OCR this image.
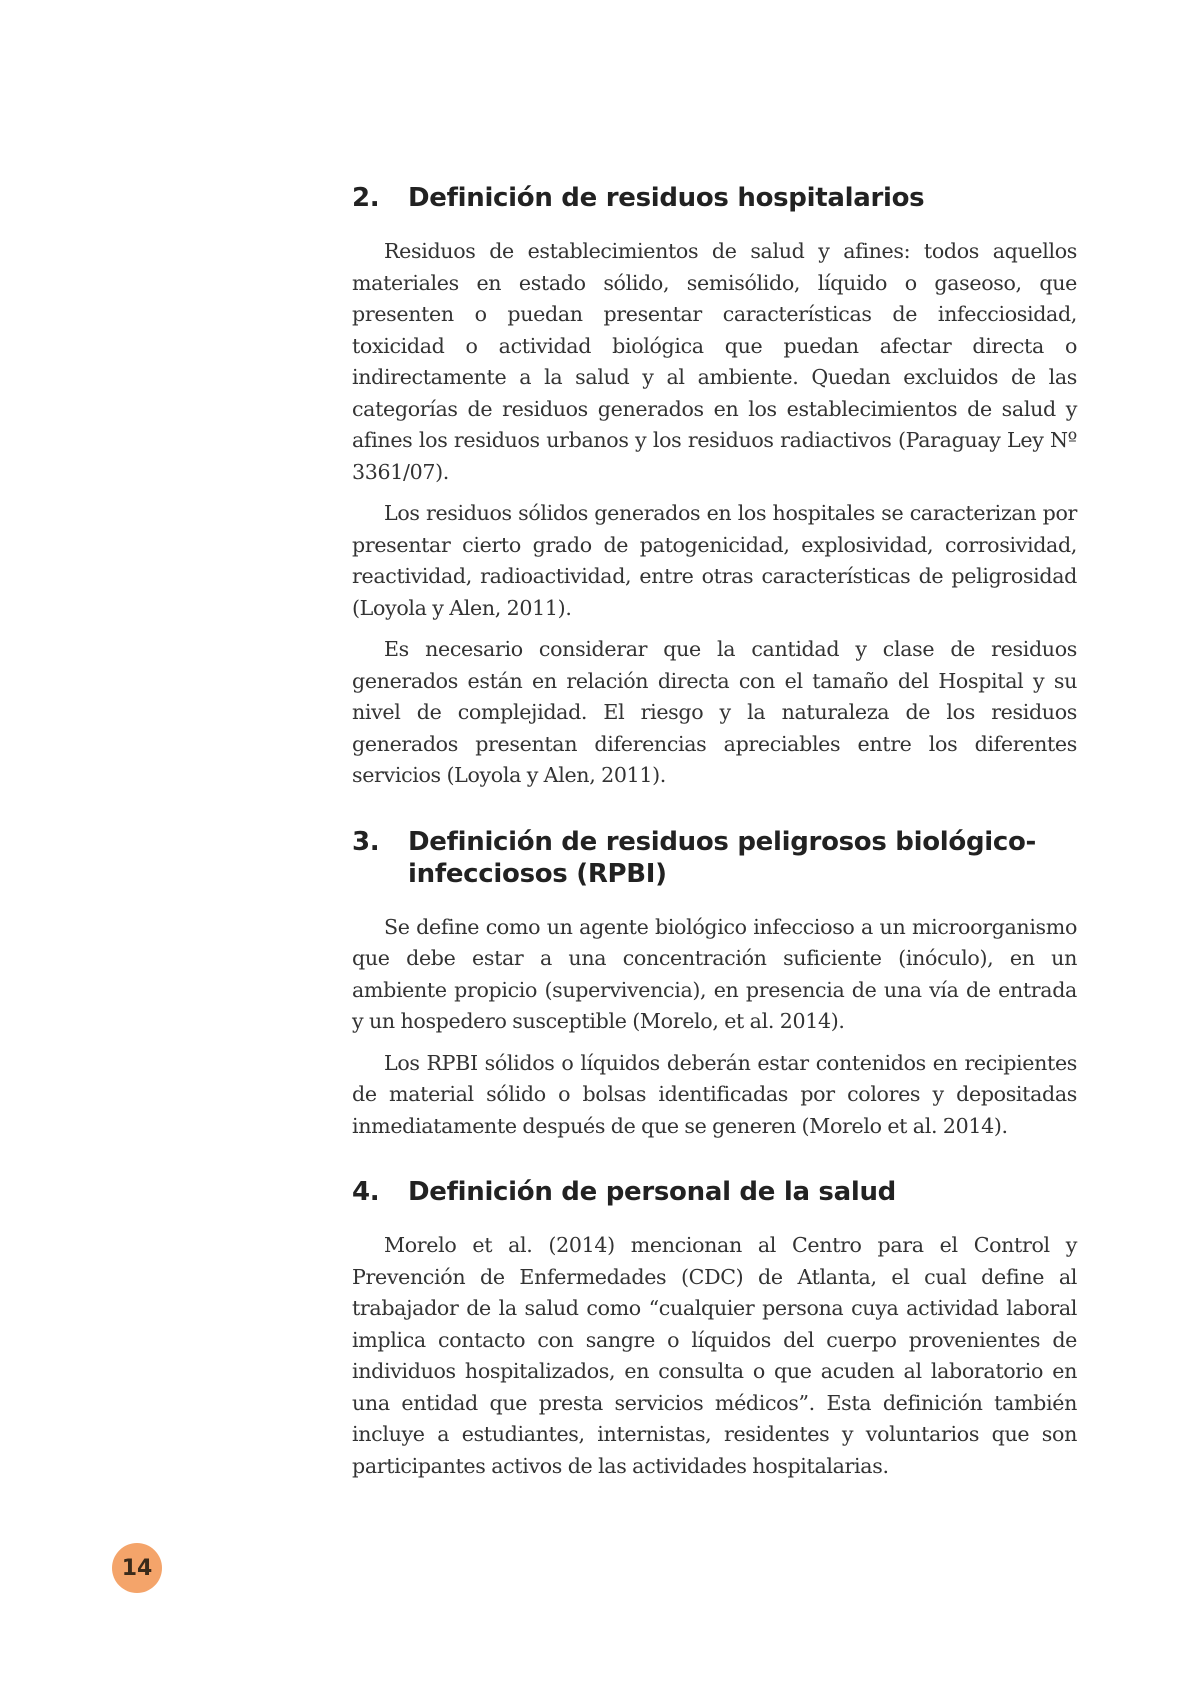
2.	Definición de residuos hospitalarios

Residuos de establecimientos de salud y afines: todos aquellos materiales en estado sólido, semisólido, líquido o gaseoso, que presenten o puedan presentar características de infecciosidad, toxicidad o actividad biológica que puedan afectar directa o indirectamente a la salud y al ambiente. Quedan excluidos de las categorías de residuos generados en los establecimientos de salud y afines los residuos urbanos y los residuos radiactivos (Paraguay Ley Nº 3361/07).

Los residuos sólidos generados en los hospitales se caracterizan por presentar cierto grado de patogenicidad, explosividad, corrosividad, reactividad, radioactividad, entre otras características de peligrosidad (Loyola y Alen, 2011).

Es necesario considerar que la cantidad y clase de residuos generados están en relación directa con el tamaño del Hospital y su nivel de complejidad. El riesgo y la naturaleza de los residuos generados presentan diferencias apreciables entre los diferentes servicios (Loyola y Alen, 2011).

3.	Definición de residuos peligrosos biológico-infecciosos (RPBI)

Se define como un agente biológico infeccioso a un microorganismo que debe estar a una concentración suficiente (inóculo), en un ambiente propicio (supervivencia), en presencia de una vía de entrada y un hospedero susceptible (Morelo, et al. 2014).

Los RPBI sólidos o líquidos deberán estar contenidos en recipientes de material sólido o bolsas identificadas por colores y depositadas inmediatamente después de que se generen (Morelo et al. 2014).

4.	Definición de personal de la salud

Morelo et al. (2014) mencionan al Centro para el Control y Prevención de Enfermedades (CDC) de Atlanta, el cual define al trabajador de la salud como “cualquier persona cuya actividad laboral implica contacto con sangre o líquidos del cuerpo provenientes de individuos hospitalizados, en consulta o que acuden al laboratorio en una entidad que presta servicios médicos”. Esta definición también incluye a estudiantes, internistas, residentes y voluntarios que son participantes activos de las actividades hospitalarias.

14
